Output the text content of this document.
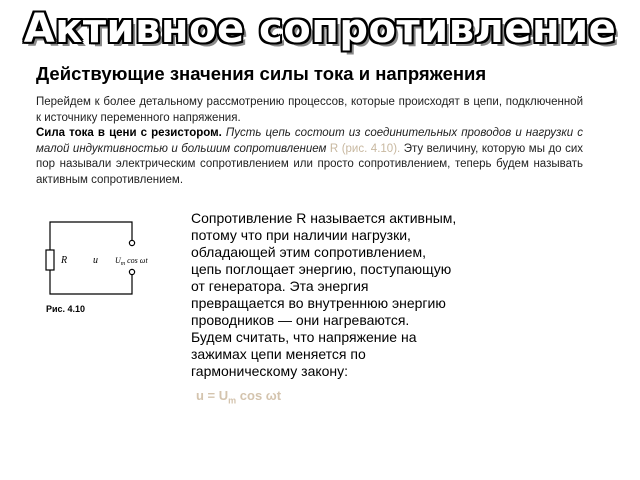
Активное сопротивление
Действующие значения силы тока и напряжения

Перейдем к более детальному рассмотрению процессов, которые происходят в цепи, подключенной к источнику переменного напряжения.

Сила тока в цени с резистором. Пусть цепь состоит из соединительных проводов и нагрузки с малой индуктивностью и большим сопротивлением R (рис. 4.10). Эту величину, которую мы до сих пор называли электрическим сопротивлением или просто сопротивлением, теперь будем называть активным сопротивлением.

R	u $U_m$ cos ωt
Рис. 4.10
Сопротивление R называется активным,
потому что при наличии нагрузки,
обладающей этим сопротивлением,
цепь поглощает энергию, поступающую
от генератора. Эта энергия
превращается во внутреннюю энергию
проводников — они нагреваются.
Будем считать, что напряжение на
зажимах цепи меняется по
гармоническому закону:
$u = U_m$ cos ωt
